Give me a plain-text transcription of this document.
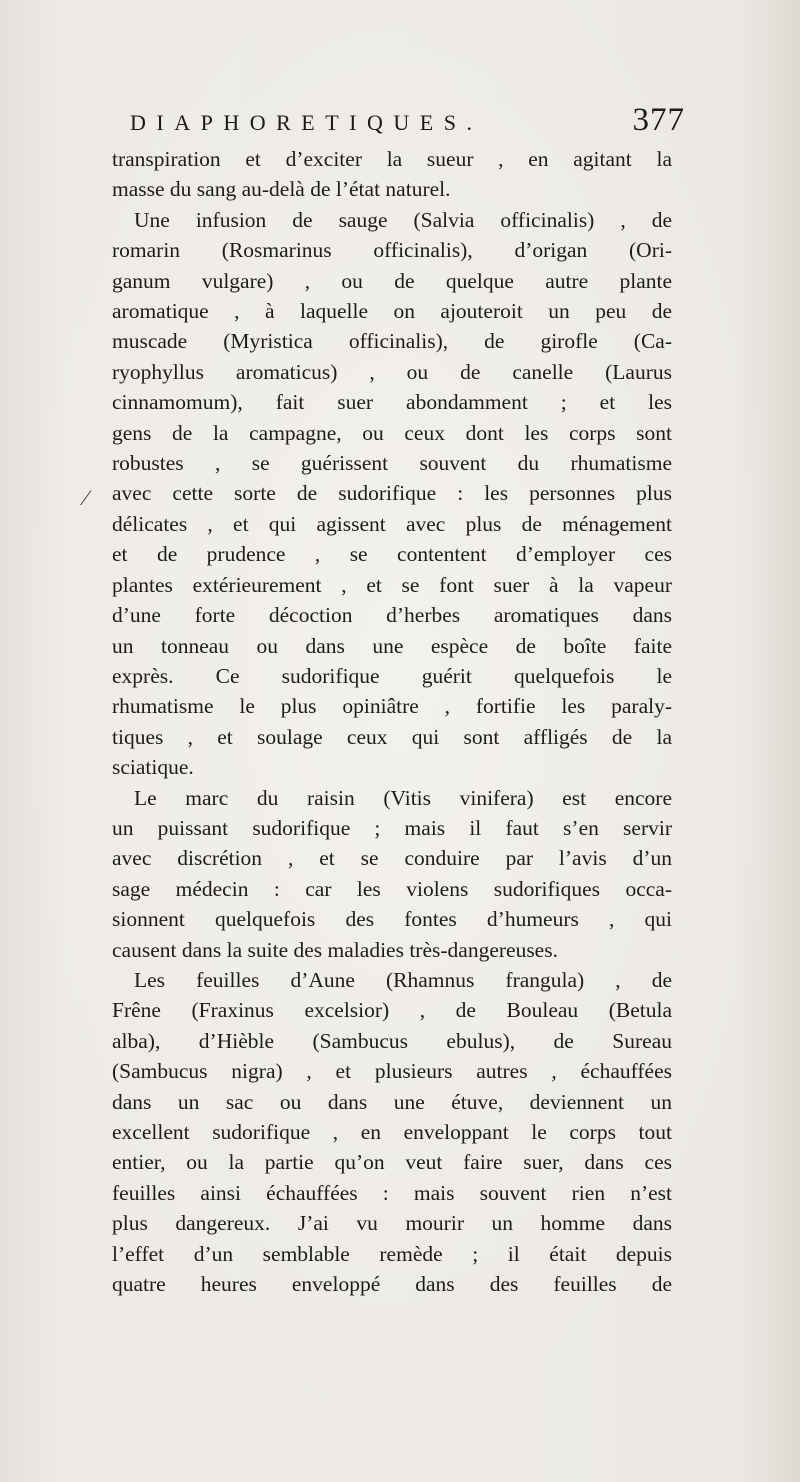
DIAPHORETIQUES.	377
⁄
transpiration et d’exciter la sueur , en agitant la
masse du sang au-delà de l’état naturel.
Une infusion de sauge (Salvia officinalis) , de
romarin (Rosmarinus officinalis), d’origan (Ori-
ganum vulgare) , ou de quelque autre plante
aromatique , à laquelle on ajouteroit un peu de
muscade (Myristica officinalis), de girofle (Ca-
ryophyllus aromaticus) , ou de canelle (Laurus
cinnamomum), fait suer abondamment ; et les
gens de la campagne, ou ceux dont les corps sont
robustes , se guérissent souvent du rhumatisme
avec cette sorte de sudorifique : les personnes plus
délicates , et qui agissent avec plus de ménagement
et de prudence , se contentent d’employer ces
plantes extérieurement , et se font suer à la vapeur
d’une forte décoction d’herbes aromatiques dans
un tonneau ou dans une espèce de boîte faite
exprès. Ce sudorifique guérit quelquefois le
rhumatisme le plus opiniâtre , fortifie les paraly-
tiques , et soulage ceux qui sont affligés de la
sciatique.
Le marc du raisin (Vitis vinifera) est encore
un puissant sudorifique ; mais il faut s’en servir
avec discrétion , et se conduire par l’avis d’un
sage médecin : car les violens sudorifiques occa-
sionnent quelquefois des fontes d’humeurs , qui
causent dans la suite des maladies très-dangereuses.
Les feuilles d’Aune (Rhamnus frangula) , de
Frêne (Fraxinus excelsior) , de Bouleau (Betula
alba), d’Hièble (Sambucus ebulus), de Sureau
(Sambucus nigra) , et plusieurs autres , échauffées
dans un sac ou dans une étuve, deviennent un
excellent sudorifique , en enveloppant le corps tout
entier, ou la partie qu’on veut faire suer, dans ces
feuilles ainsi échauffées : mais souvent rien n’est
plus dangereux. J’ai vu mourir un homme dans
l’effet d’un semblable remède ; il était depuis
quatre heures enveloppé dans des feuilles de
